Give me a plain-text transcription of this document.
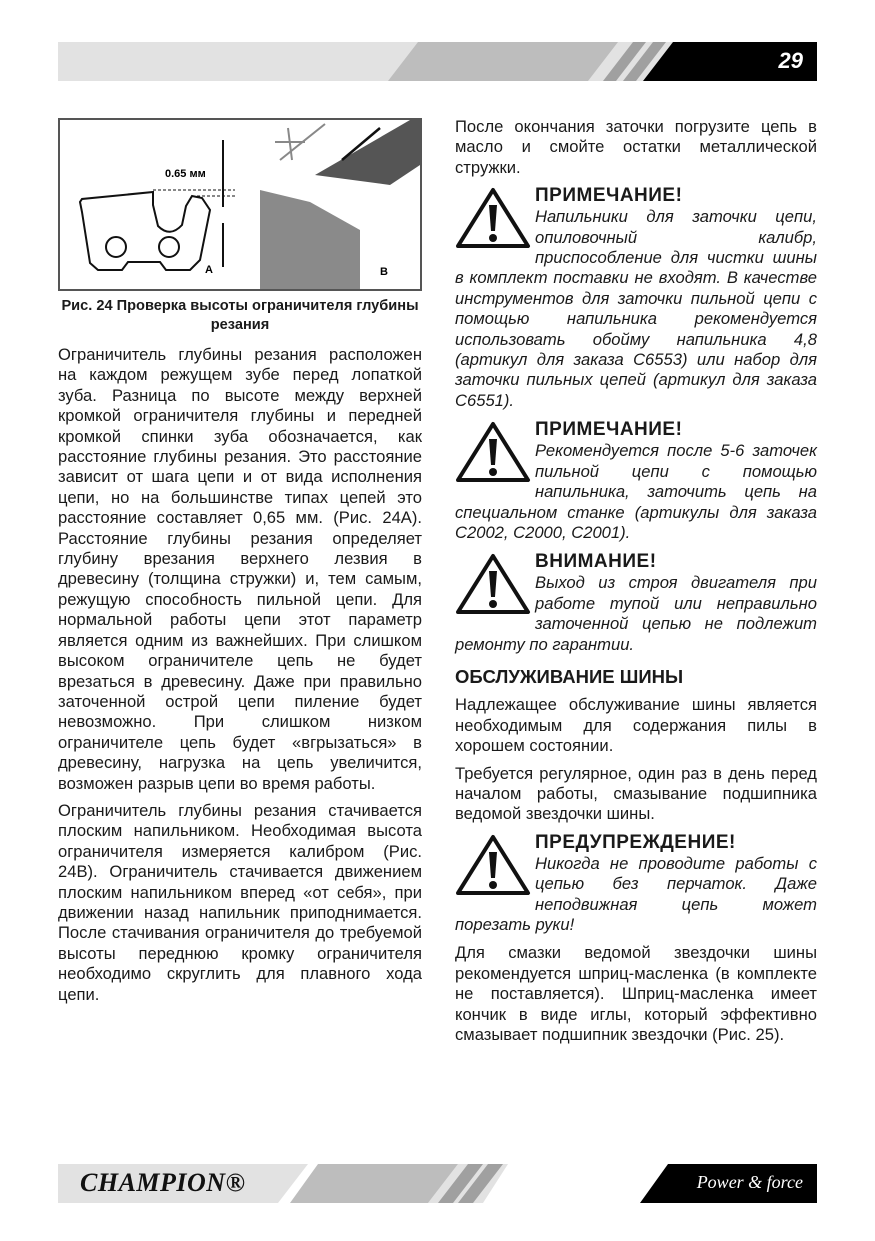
29
0.65 мм
A	B
Рис. 24 Проверка высоты ограничителя глубины резания

Ограничитель глубины резания расположен на каждом режущем зубе перед лопаткой зуба. Разница по высоте между верхней кромкой ограничителя глубины и передней кромкой спинки зуба обозначается, как расстояние глубины резания. Это расстояние зависит от шага цепи и от вида исполнения цепи, но на большинстве типах цепей это расстояние составляет 0,65 мм. (Рис. 24A). Расстояние глубины резания определяет глубину врезания верхнего лезвия в древесину (толщина стружки) и, тем самым, режущую способность пильной цепи. Для нормальной работы цепи этот параметр является одним из важнейших. При слишком высоком ограничителе цепь не будет врезаться в древесину. Даже при правильно заточенной острой цепи пиление будет невозможно. При слишком низком ограничителе цепь будет «вгрызаться» в древесину, нагрузка на цепь увеличится, возможен разрыв цепи во время работы.

Ограничитель глубины резания стачивается плоским напильником. Необходимая высота ограничителя измеряется калибром (Рис. 24B). Ограничитель стачивается движением плоским напильником вперед «от себя», при движении назад напильник приподнимается. После стачивания ограничителя до требуемой высоты переднюю кромку ограничителя необходимо скруглить для плавного хода цепи.

После окончания заточки погрузите цепь в масло и смойте остатки металлической стружки.

ПРИМЕЧАНИЕ!
Напильники для заточки цепи, опиловочный калибр, приспособление для чистки шины в комплект поставки не входят. В качестве инструментов для заточки пильной цепи с помощью напильника рекомендуется использовать обойму напильника 4,8 (артикул для заказа C6553) или набор для заточки пильных цепей (артикул для заказа C6551).
ПРИМЕЧАНИЕ!
Рекомендуется после 5-6 заточек пильной цепи с помощью напильника, заточить цепь на специальном станке (артикулы для заказа C2002, C2000, C2001).
ВНИМАНИЕ!
Выход из строя двигателя при работе тупой или неправильно заточенной цепью не подлежит ремонту по гарантии.
ОБСЛУЖИВАНИЕ ШИНЫ

Надлежащее обслуживание шины является необходимым для содержания пилы в хорошем состоянии.

Требуется регулярное, один раз в день перед началом работы, смазывание подшипника ведомой звездочки шины.

ПРЕДУПРЕЖДЕНИЕ!
Никогда не проводите работы с цепью без перчаток. Даже неподвижная цепь может порезать руки!

Для смазки ведомой звездочки шины рекомендуется шприц-масленка (в комплекте не поставляется). Шприц-масленка имеет кончик в виде иглы, который эффективно смазывает подшипник звездочки (Рис. 25).

CHAMPION®	Power & force
